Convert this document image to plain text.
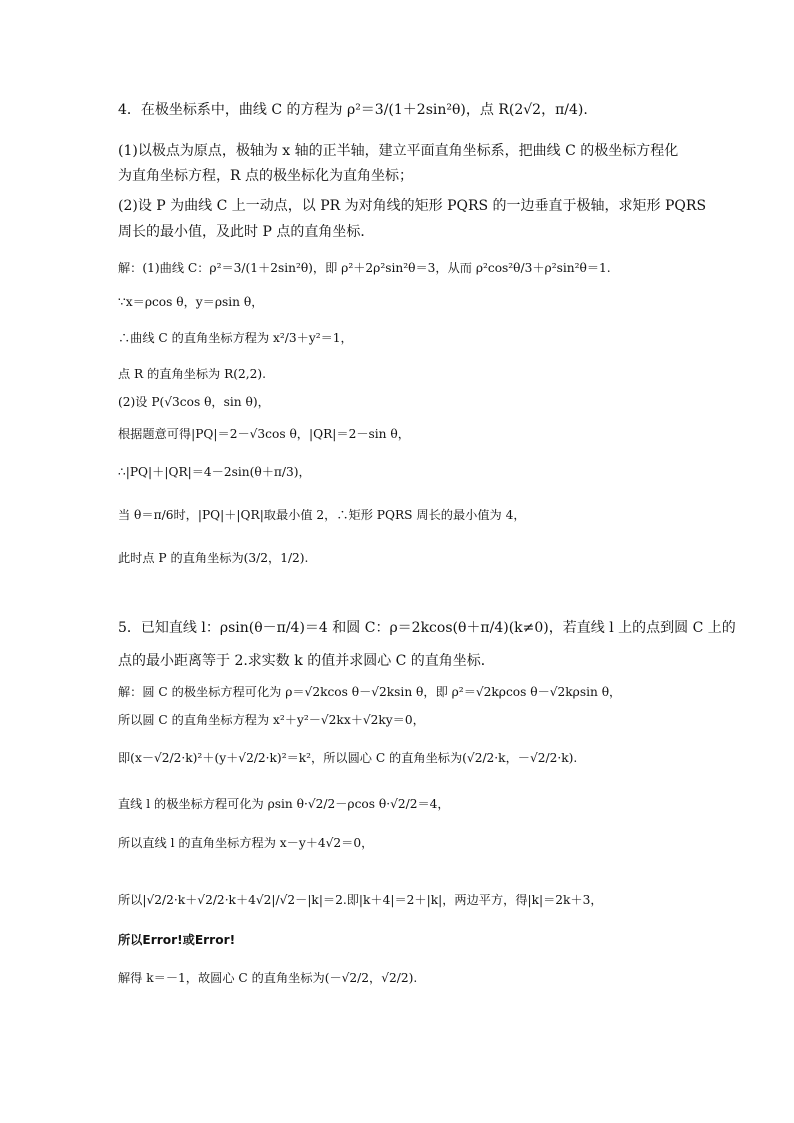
4．在极坐标系中，曲线 C 的方程为 ρ²＝3/(1＋2sin²θ)，点 R(2√2，π/4).
(1)以极点为原点，极轴为 x 轴的正半轴，建立平面直角坐标系，把曲线 C 的极坐标方程化
为直角坐标方程，R 点的极坐标化为直角坐标；
(2)设 P 为曲线 C 上一动点，以 PR 为对角线的矩形 PQRS 的一边垂直于极轴，求矩形 PQRS
周长的最小值，及此时 P 点的直角坐标．
解：(1)曲线 C：ρ²＝3/(1＋2sin²θ)，即 ρ²＋2ρ²sin²θ＝3，从而 ρ²cos²θ/3＋ρ²sin²θ＝1.
∵x＝ρcos θ，y＝ρsin θ，
∴曲线 C 的直角坐标方程为 x²/3＋y²＝1，
点 R 的直角坐标为 R(2,2).
(2)设 P(√3cos θ，sin θ)，
根据题意可得|PQ|＝2－√3cos θ，|QR|＝2－sin θ，
∴|PQ|＋|QR|＝4－2sin(θ＋π/3)，
当 θ＝π/6时，|PQ|＋|QR|取最小值 2，∴矩形 PQRS 周长的最小值为 4，
此时点 P 的直角坐标为(3/2，1/2).
5．已知直线 l：ρsin(θ－π/4)＝4 和圆 C：ρ＝2kcos(θ＋π/4)(k≠0)，若直线 l 上的点到圆 C 上的
点的最小距离等于 2.求实数 k 的值并求圆心 C 的直角坐标．
解：圆 C 的极坐标方程可化为 ρ＝√2kcos θ－√2ksin θ，即 ρ²＝√2kρcos θ－√2kρsin θ，
所以圆 C 的直角坐标方程为 x²＋y²－√2kx＋√2ky＝0，
即(x－√2/2·k)²＋(y＋√2/2·k)²＝k²，所以圆心 C 的直角坐标为(√2/2·k，－√2/2·k).
直线 l 的极坐标方程可化为 ρsin θ·√2/2－ρcos θ·√2/2＝4，
所以直线 l 的直角坐标方程为 x－y＋4√2＝0，
所以|√2/2·k＋√2/2·k＋4√2|/√2－|k|＝2.即|k＋4|＝2＋|k|，两边平方，得|k|＝2k＋3，
所以Error!或Error!
解得 k＝－1，故圆心 C 的直角坐标为(－√2/2，√2/2).
